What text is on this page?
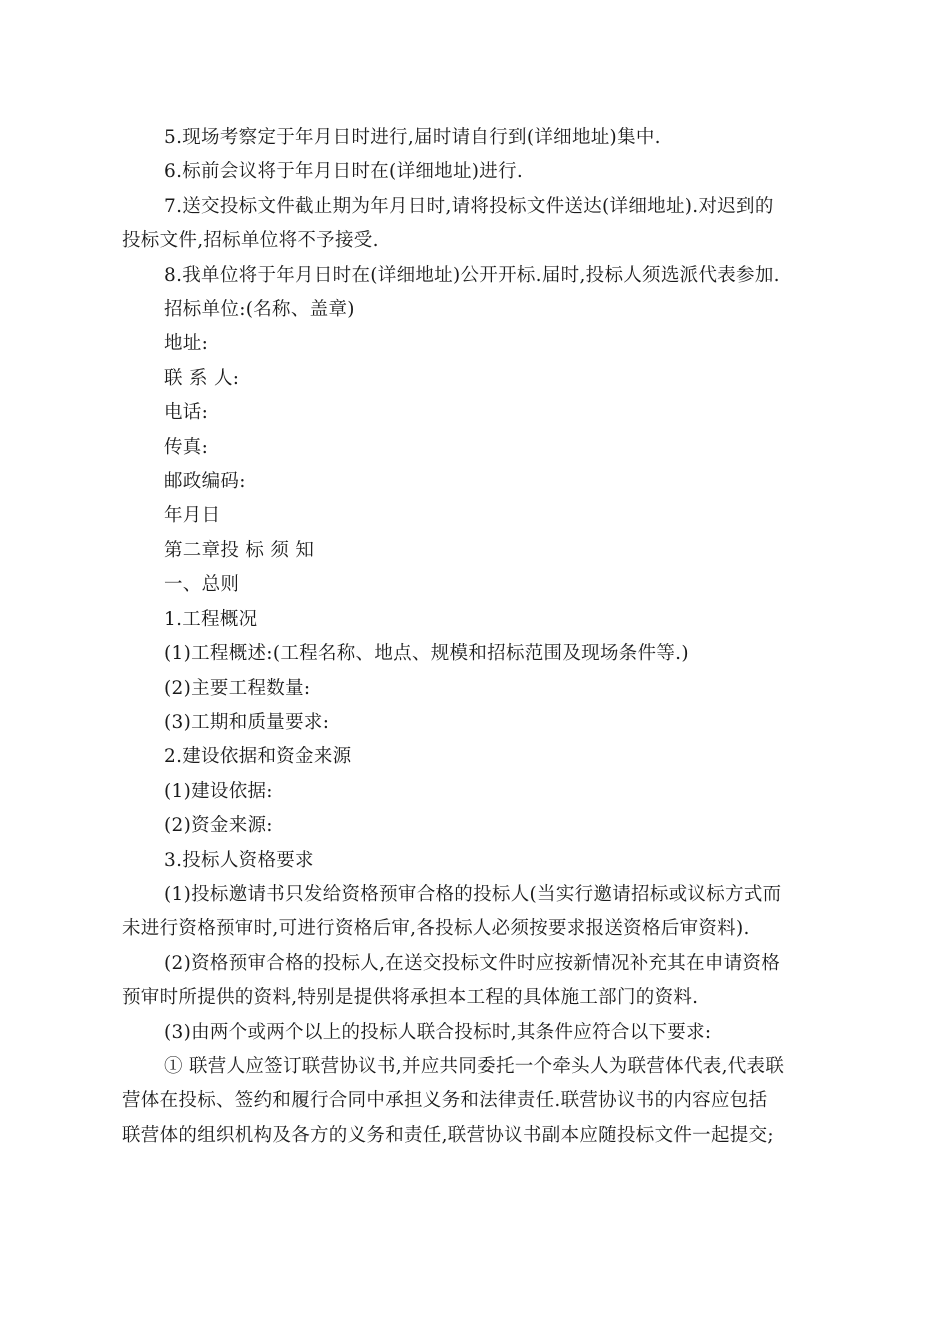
5.现场考察定于年月日时进行,届时请自行到(详细地址)集中.

6.标前会议将于年月日时在(详细地址)进行.

7.送交投标文件截止期为年月日时,请将投标文件送达(详细地址).对迟到的
投标文件,招标单位将不予接受.

8.我单位将于年月日时在(详细地址)公开开标.届时,投标人须选派代表参加.

招标单位:(名称、盖章)

地址:

联 系 人:

电话:

传真:

邮政编码:

年月日

第二章投 标 须 知

一、总则

1.工程概况

(1)工程概述:(工程名称、地点、规模和招标范围及现场条件等.)

(2)主要工程数量:

(3)工期和质量要求:

2.建设依据和资金来源

(1)建设依据:

(2)资金来源:

3.投标人资格要求

(1)投标邀请书只发给资格预审合格的投标人(当实行邀请招标或议标方式而
未进行资格预审时,可进行资格后审,各投标人必须按要求报送资格后审资料).

(2)资格预审合格的投标人,在送交投标文件时应按新情况补充其在申请资格
预审时所提供的资料,特别是提供将承担本工程的具体施工部门的资料.

(3)由两个或两个以上的投标人联合投标时,其条件应符合以下要求:

① 联营人应签订联营协议书,并应共同委托一个牵头人为联营体代表,代表联
营体在投标、签约和履行合同中承担义务和法律责任.联营协议书的内容应包括
联营体的组织机构及各方的义务和责任,联营协议书副本应随投标文件一起提交;
